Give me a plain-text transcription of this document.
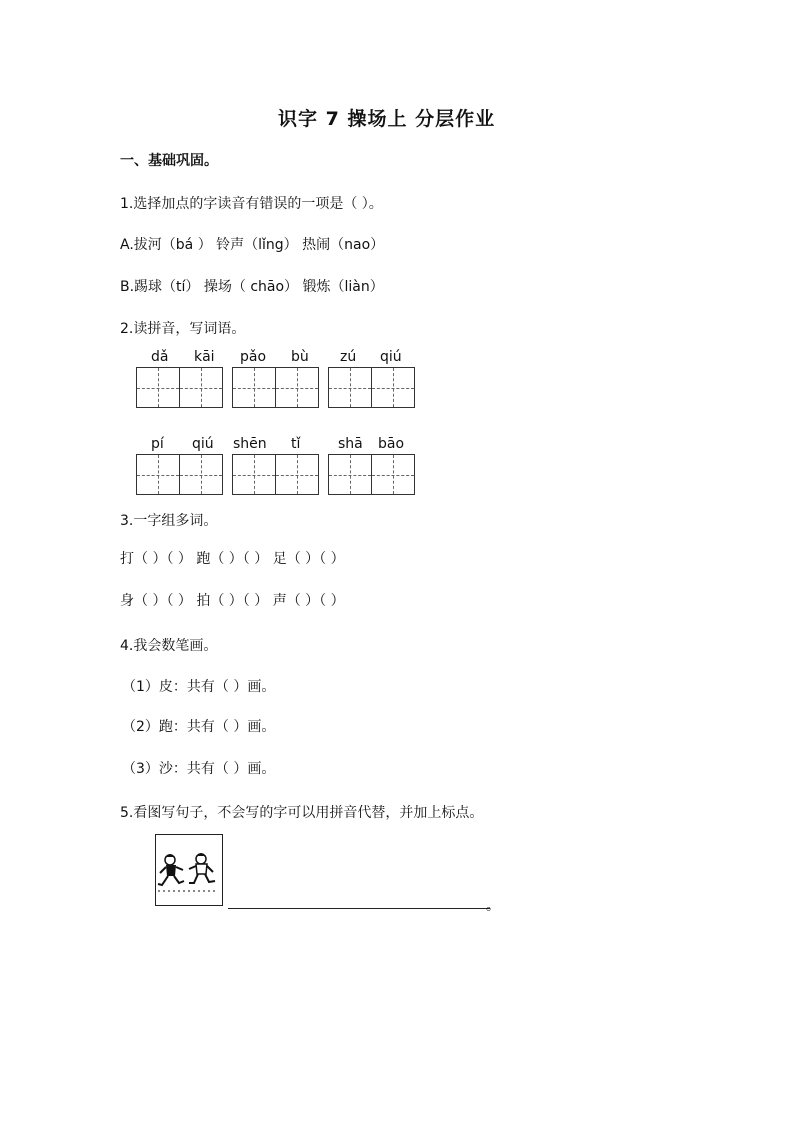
识字 7 操场上 分层作业
一、基础巩固。
1.选择加点的字读音有错误的一项是（ ）。
A.拔河（bá ） 铃声（lǐng） 热闹（nao）
B.踢球（tí） 操场（ chāo） 锻炼（liàn）
2.读拼音，写词语。
dǎ kāi pǎo bù zú qiú
pí qiú shēn tǐ	shā bāo
3.一字组多词。
打（ ）（ ） 跑（ ）（ ） 足（ ）（ ）
身（ ）（ ） 拍（ ）（ ） 声（ ）（ ）
4.我会数笔画。
（1）皮：共有（ ）画。
（2）跑：共有（ ）画。
（3）沙：共有（ ）画。
5.看图写句子，不会写的字可以用拼音代替，并加上标点。
。
